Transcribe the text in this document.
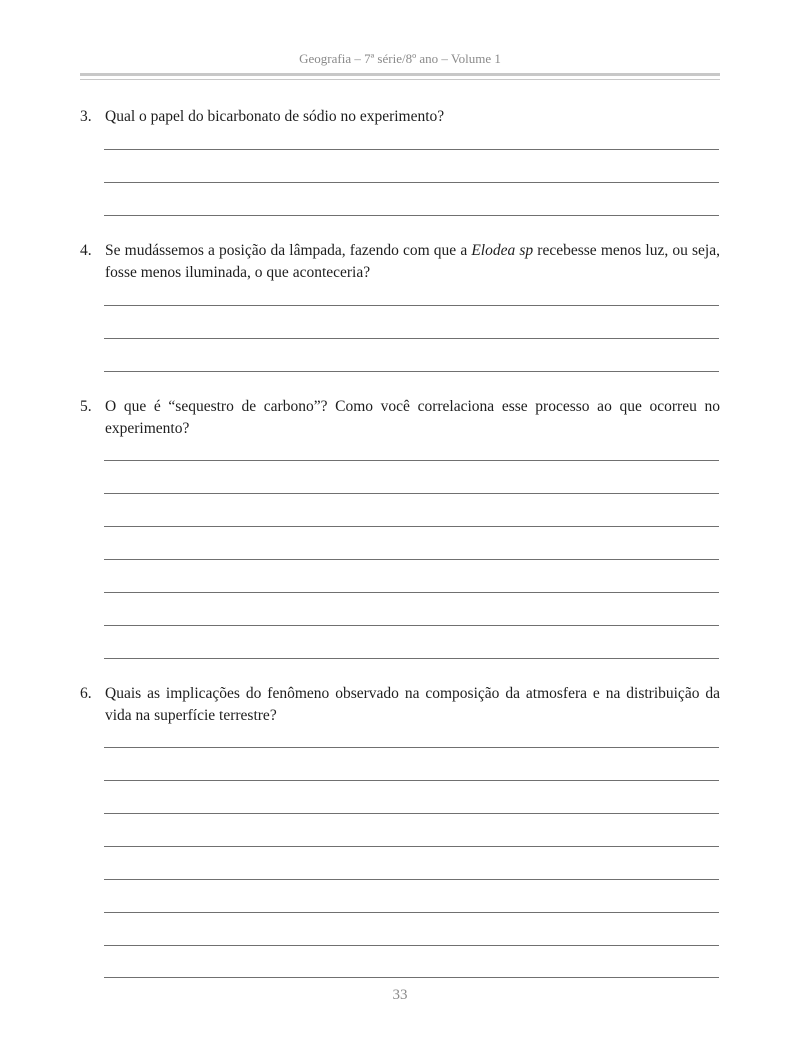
Geografia – 7ª série/8º ano – Volume 1
3. Qual o papel do bicarbonato de sódio no experimento?
4. Se mudássemos a posição da lâmpada, fazendo com que a Elodea sp recebesse menos luz, ou seja, fosse menos iluminada, o que aconteceria?
5. O que é “sequestro de carbono”? Como você correlaciona esse processo ao que ocorreu no experimento?
6. Quais as implicações do fenômeno observado na composição da atmosfera e na distribuição da vida na superfície terrestre?
33
